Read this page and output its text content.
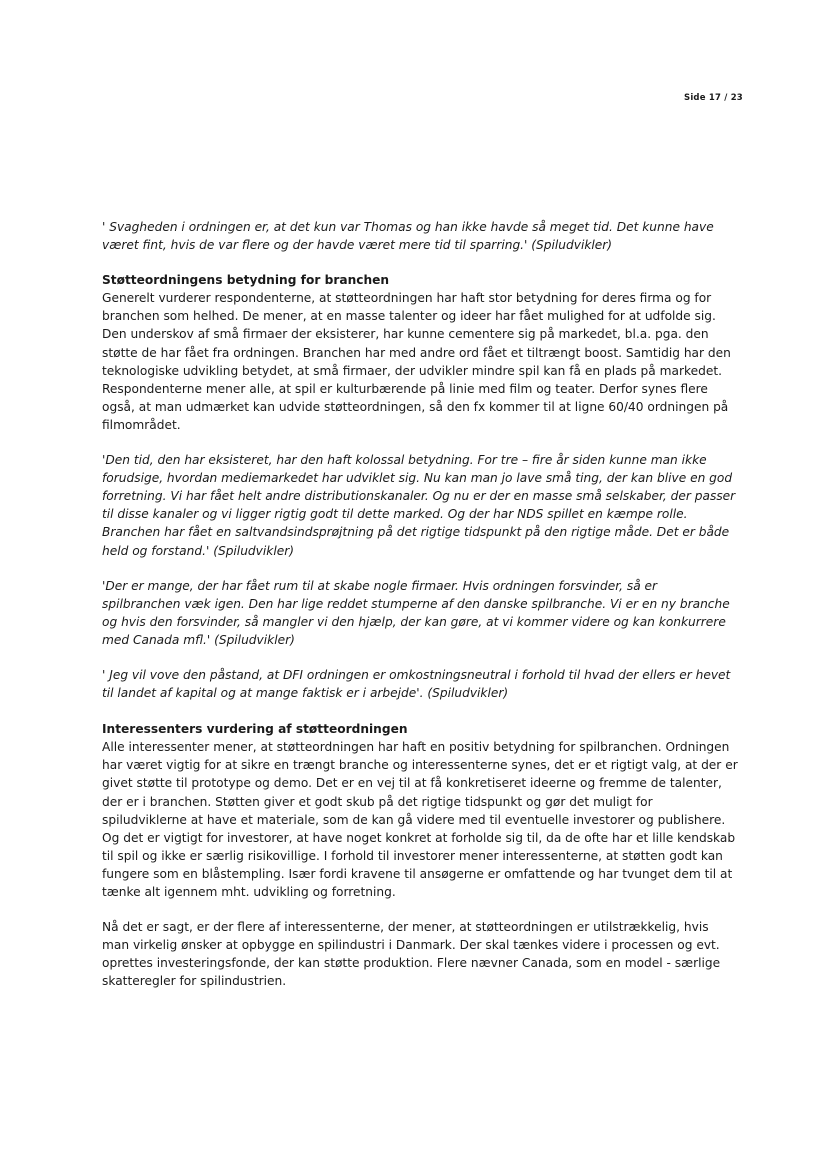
Side 17 / 23

' Svagheden i ordningen er, at det kun var Thomas og han ikke havde så meget tid. Det kunne have været fint, hvis de var flere og der havde været mere tid til sparring.' (Spiludvikler)

Støtteordningens betydning for branchen

Generelt vurderer respondenterne, at støtteordningen har haft stor betydning for deres firma og for branchen som helhed. De mener, at en masse talenter og ideer har fået mulighed for at udfolde sig. Den underskov af små firmaer der eksisterer, har kunne cementere sig på markedet, bl.a. pga. den støtte de har fået fra ordningen. Branchen har med andre ord fået et tiltrængt boost. Samtidig har den teknologiske udvikling betydet, at små firmaer, der udvikler mindre spil kan få en plads på markedet. Respondenterne mener alle, at spil er kulturbærende på linie med film og teater. Derfor synes flere også, at man udmærket kan udvide støtteordningen, så den fx kommer til at ligne 60/40 ordningen på filmområdet.

'Den tid, den har eksisteret, har den haft kolossal betydning. For tre – fire år siden kunne man ikke forudsige, hvordan mediemarkedet har udviklet sig. Nu kan man jo lave små ting, der kan blive en god forretning. Vi har fået helt andre distributionskanaler. Og nu er der en masse små selskaber, der passer til disse kanaler og vi ligger rigtig godt til dette marked. Og der har NDS spillet en kæmpe rolle. Branchen har fået en saltvandsindsprøjtning på det rigtige tidspunkt på den rigtige måde. Det er både held og forstand.' (Spiludvikler)

'Der er mange, der har fået rum til at skabe nogle firmaer. Hvis ordningen forsvinder, så er spilbranchen væk igen. Den har lige reddet stumperne af den danske spilbranche. Vi er en ny branche og hvis den forsvinder, så mangler vi den hjælp, der kan gøre, at vi kommer videre og kan konkurrere med Canada mfl.' (Spiludvikler)

' Jeg vil vove den påstand, at DFI ordningen er omkostningsneutral i forhold til hvad der ellers er hevet til landet af kapital og at mange faktisk er i arbejde'. (Spiludvikler)

Interessenters vurdering af støtteordningen

Alle interessenter mener, at støtteordningen har haft en positiv betydning for spilbranchen. Ordningen har været vigtig for at sikre en trængt branche og interessenterne synes, det er et rigtigt valg, at der er givet støtte til prototype og demo. Det er en vej til at få konkretiseret ideerne og fremme de talenter, der er i branchen. Støtten giver et godt skub på det rigtige tidspunkt og gør det muligt for spiludviklerne at have et materiale, som de kan gå videre med til eventuelle investorer og publishere. Og det er vigtigt for investorer, at have noget konkret at forholde sig til, da de ofte har et lille kendskab til spil og ikke er særlig risikovillige. I forhold til investorer mener interessenterne, at støtten godt kan fungere som en blåstempling. Især fordi kravene til ansøgerne er omfattende og har tvunget dem til at tænke alt igennem mht. udvikling og forretning.

Nå det er sagt, er der flere af interessenterne, der mener, at støtteordningen er utilstrækkelig, hvis man virkelig ønsker at opbygge en spilindustri i Danmark. Der skal tænkes videre i processen og evt. oprettes investeringsfonde, der kan støtte produktion. Flere nævner Canada, som en model - særlige skatteregler for spilindustrien.
